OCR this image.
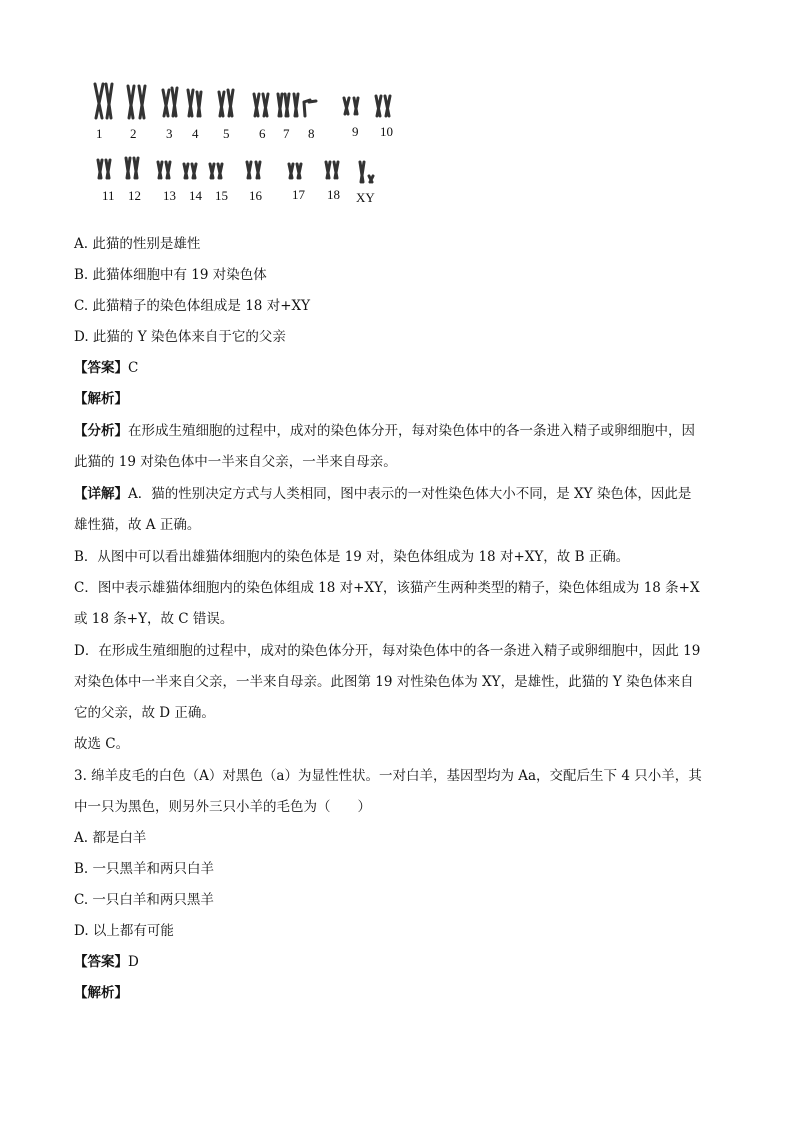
1 2 3 4 5 6 7 8	9 10
11 12 13 14 15 16 17 18 XY
A. 此猫的性别是雄性
B. 此猫体细胞中有 19 对染色体
C. 此猫精子的染色体组成是 18 对+XY
D. 此猫的 Y 染色体来自于它的父亲
【答案】C
【解析】
【分析】在形成生殖细胞的过程中，成对的染色体分开，每对染色体中的各一条进入精子或卵细胞中，因
此猫的 19 对染色体中一半来自父亲，一半来自母亲。
【详解】A．猫的性别决定方式与人类相同，图中表示的一对性染色体大小不同，是 XY 染色体，因此是
雄性猫，故 A 正确。
B．从图中可以看出雄猫体细胞内的染色体是 19 对，染色体组成为 18 对+XY，故 B 正确。
C．图中表示雄猫体细胞内的染色体组成 18 对+XY，该猫产生两种类型的精子，染色体组成为 18 条+X
或 18 条+Y，故 C 错误。
D．在形成生殖细胞的过程中，成对的染色体分开，每对染色体中的各一条进入精子或卵细胞中，因此 19
对染色体中一半来自父亲，一半来自母亲。此图第 19 对性染色体为 XY，是雄性，此猫的 Y 染色体来自
它的父亲，故 D 正确。
故选 C。
3. 绵羊皮毛的白色（A）对黑色（a）为显性性状。一对白羊，基因型均为 Aa，交配后生下 4 只小羊，其
中一只为黑色，则另外三只小羊的毛色为（　　）
A. 都是白羊
B. 一只黑羊和两只白羊
C. 一只白羊和两只黑羊
D. 以上都有可能
【答案】D
【解析】
